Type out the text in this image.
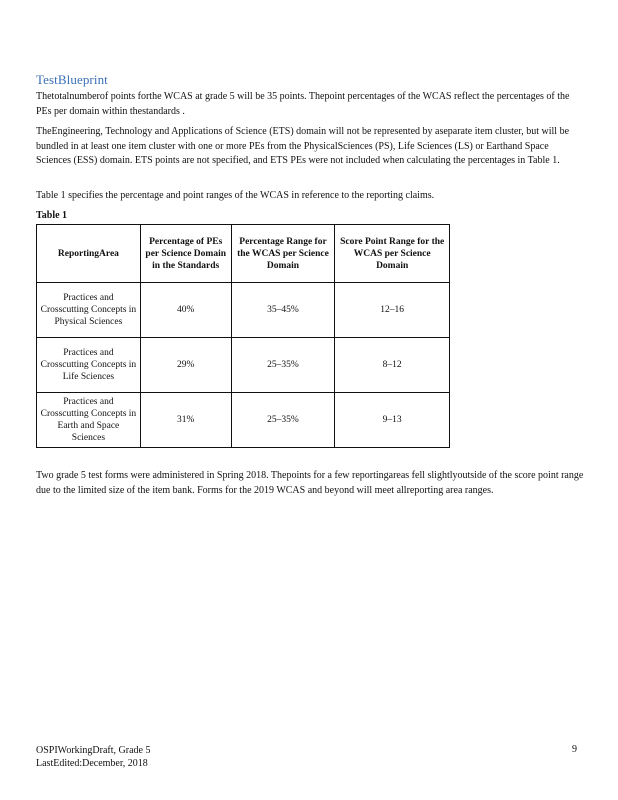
TestBlueprint
Thetotalnumberof points forthe WCAS at grade 5 will be 35 points. Thepoint percentages of the WCAS reflect the percentages of the PEs per domain within thestandards .
TheEngineering, Technology and Applications of Science (ETS) domain will not be represented by aseparate item cluster, but will be bundled in at least one item cluster with one or more PEs from the PhysicalSciences (PS), Life Sciences (LS) or Earthand Space Sciences (ESS) domain. ETS points are not specified, and ETS PEs were not included when calculating the percentages in Table 1.
Table 1 specifies the percentage and point ranges of the WCAS in reference to the reporting claims.
Table 1
ReportingArea	Percentage of PEs per Science Domain in the Standards	Percentage Range for the WCAS per Science Domain	Score Point Range for the WCAS per Science Domain
Practices and Crosscutting Concepts in Physical Sciences	40%	35–45%	12–16
Practices and Crosscutting Concepts in Life Sciences	29%	25–35%	8–12
Practices and Crosscutting Concepts in Earth and Space Sciences	31%	25–35%	9–13
Two grade 5 test forms were administered in Spring 2018. Thepoints for a few reportingareas fell slightlyoutside of the score point range due to the limited size of the item bank. Forms for the 2019 WCAS and beyond will meet allreporting area ranges.
OSPIWorkingDraft, Grade 5
LastEdited:December, 2018
9
